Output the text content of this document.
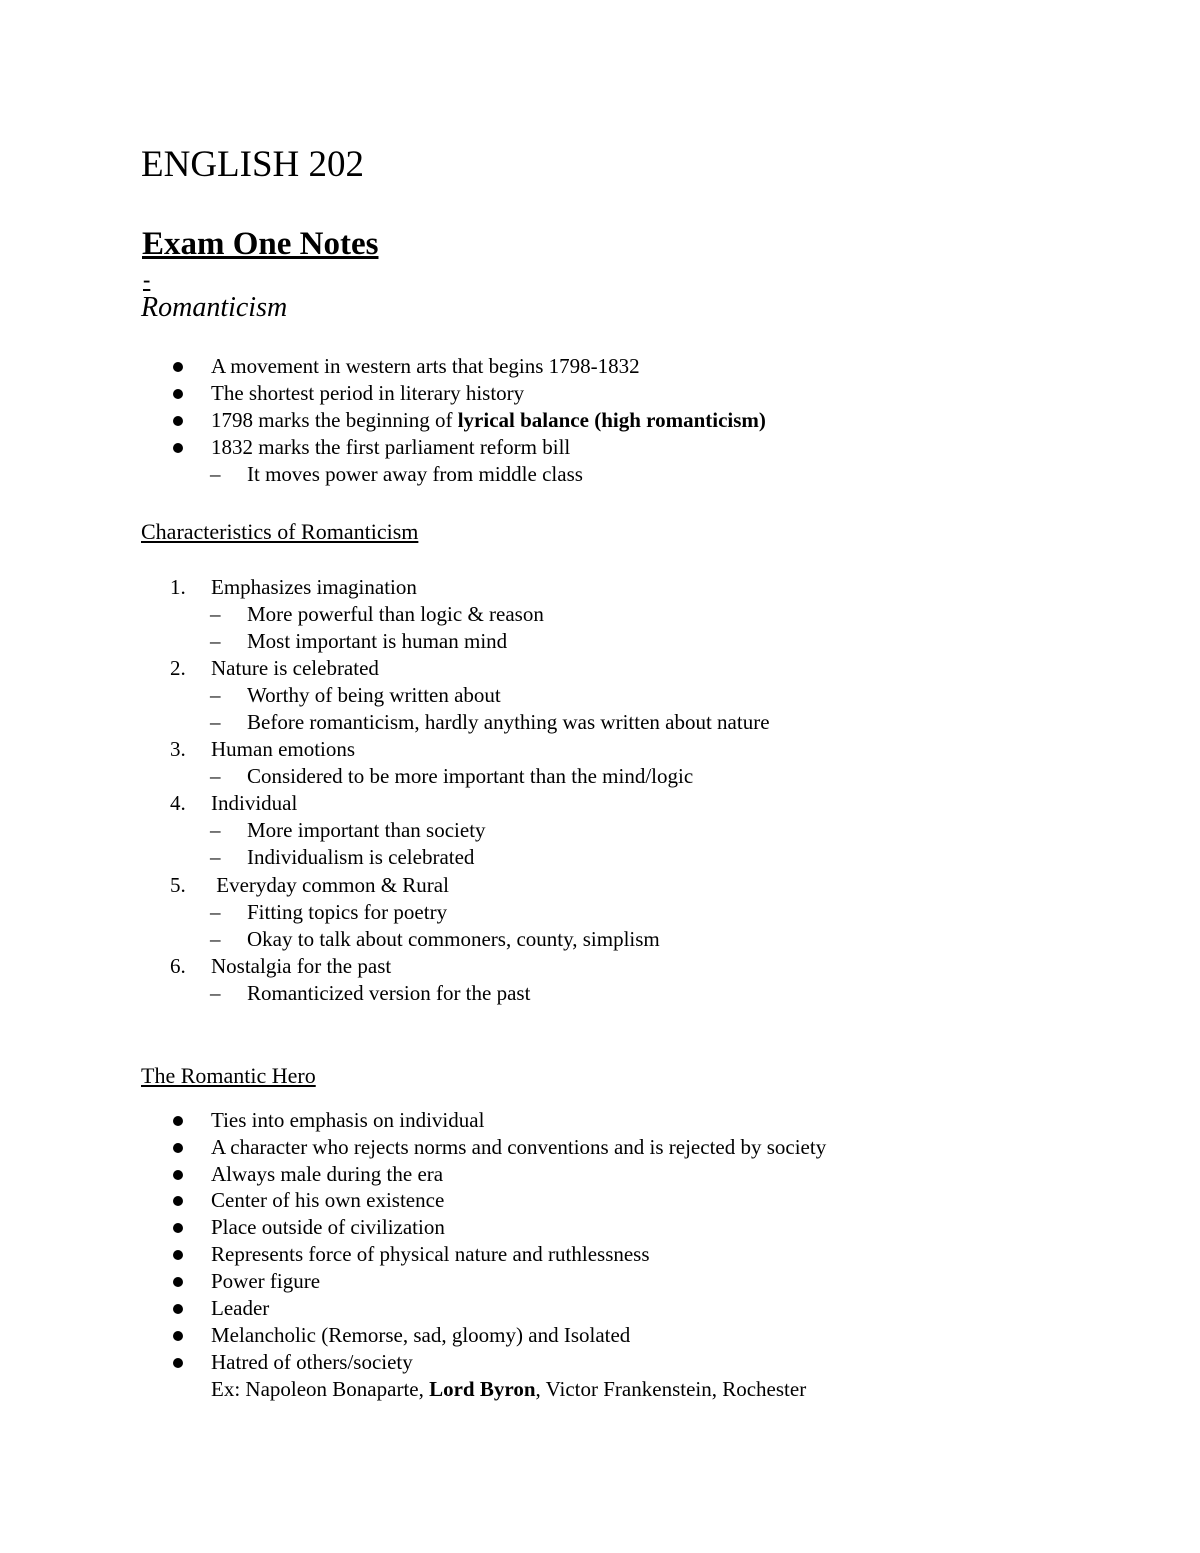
ENGLISH 202
Exam One Notes
-
Romanticism
A movement in western arts that begins 1798-1832
The shortest period in literary history
1798 marks the beginning of lyrical balance (high romanticism)
1832 marks the first parliament reform bill
– It moves power away from middle class
Characteristics of Romanticism
1. Emphasizes imagination
– More powerful than logic & reason
– Most important is human mind
2. Nature is celebrated
– Worthy of being written about
– Before romanticism, hardly anything was written about nature
3. Human emotions
– Considered to be more important than the mind/logic
4. Individual
– More important than society
– Individualism is celebrated
5. Everyday common & Rural
– Fitting topics for poetry
– Okay to talk about commoners, county, simplism
6. Nostalgia for the past
– Romanticized version for the past
The Romantic Hero
Ties into emphasis on individual
A character who rejects norms and conventions and is rejected by society
Always male during the era
Center of his own existence
Place outside of civilization
Represents force of physical nature and ruthlessness
Power figure
Leader
Melancholic (Remorse, sad, gloomy) and Isolated
Hatred of others/society
Ex: Napoleon Bonaparte, Lord Byron, Victor Frankenstein, Rochester
